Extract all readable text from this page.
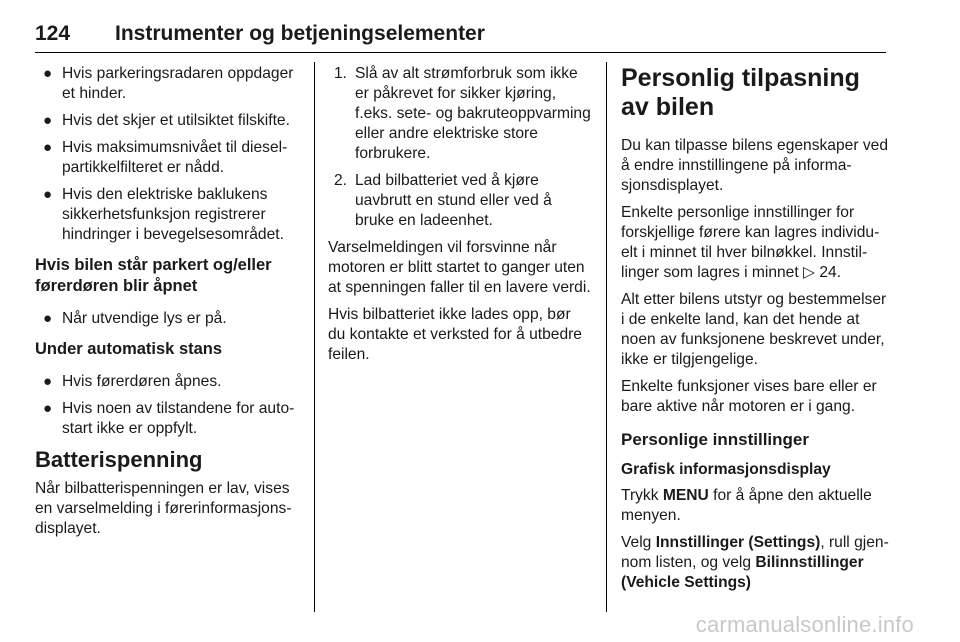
124 Instrumenter og betjeningselementer
● Hvis parkeringsradaren oppdager et hinder.
● Hvis det skjer et utilsiktet filskifte.
● Hvis maksimumsnivået til dieselpartikkelfilteret er nådd.
● Hvis den elektriske baklukens sikkerhetsfunksjon registrerer hindringer i bevegelsesområdet.
Hvis bilen står parkert og/eller førerdøren blir åpnet
● Når utvendige lys er på.
Under automatisk stans
● Hvis førerdøren åpnes.
● Hvis noen av tilstandene for autostart ikke er oppfylt.
Batterispenning

Når bilbatterispenningen er lav, vises en varselmelding i førerinformasjonsdisplayet.

1. Slå av alt strømforbruk som ikke er påkrevet for sikker kjøring, f.eks. sete- og bakruteoppvarming eller andre elektriske store forbrukere.
2. Lad bilbatteriet ved å kjøre uavbrutt en stund eller ved å bruke en ladeenhet.

Varselmeldingen vil forsvinne når motoren er blitt startet to ganger uten at spenningen faller til en lavere verdi.

Hvis bilbatteriet ikke lades opp, bør du kontakte et verksted for å utbedre feilen.

Personlig tilpasning av bilen

Du kan tilpasse bilens egenskaper ved å endre innstillingene på informasjonsdisplayet.

Enkelte personlige innstillinger for forskjellige førere kan lagres individuelt i minnet til hver bilnøkkel. Innstillinger som lagres i minnet ▷ 24.

Alt etter bilens utstyr og bestemmelser i de enkelte land, kan det hende at noen av funksjonene beskrevet under, ikke er tilgjengelige.

Enkelte funksjoner vises bare eller er bare aktive når motoren er i gang.

Personlige innstillinger
Grafisk informasjonsdisplay

Trykk MENU for å åpne den aktuelle menyen.

Velg Innstillinger (Settings), rull gjennom listen, og velg Bilinnstillinger (Vehicle Settings)

carmanualsonline.info
